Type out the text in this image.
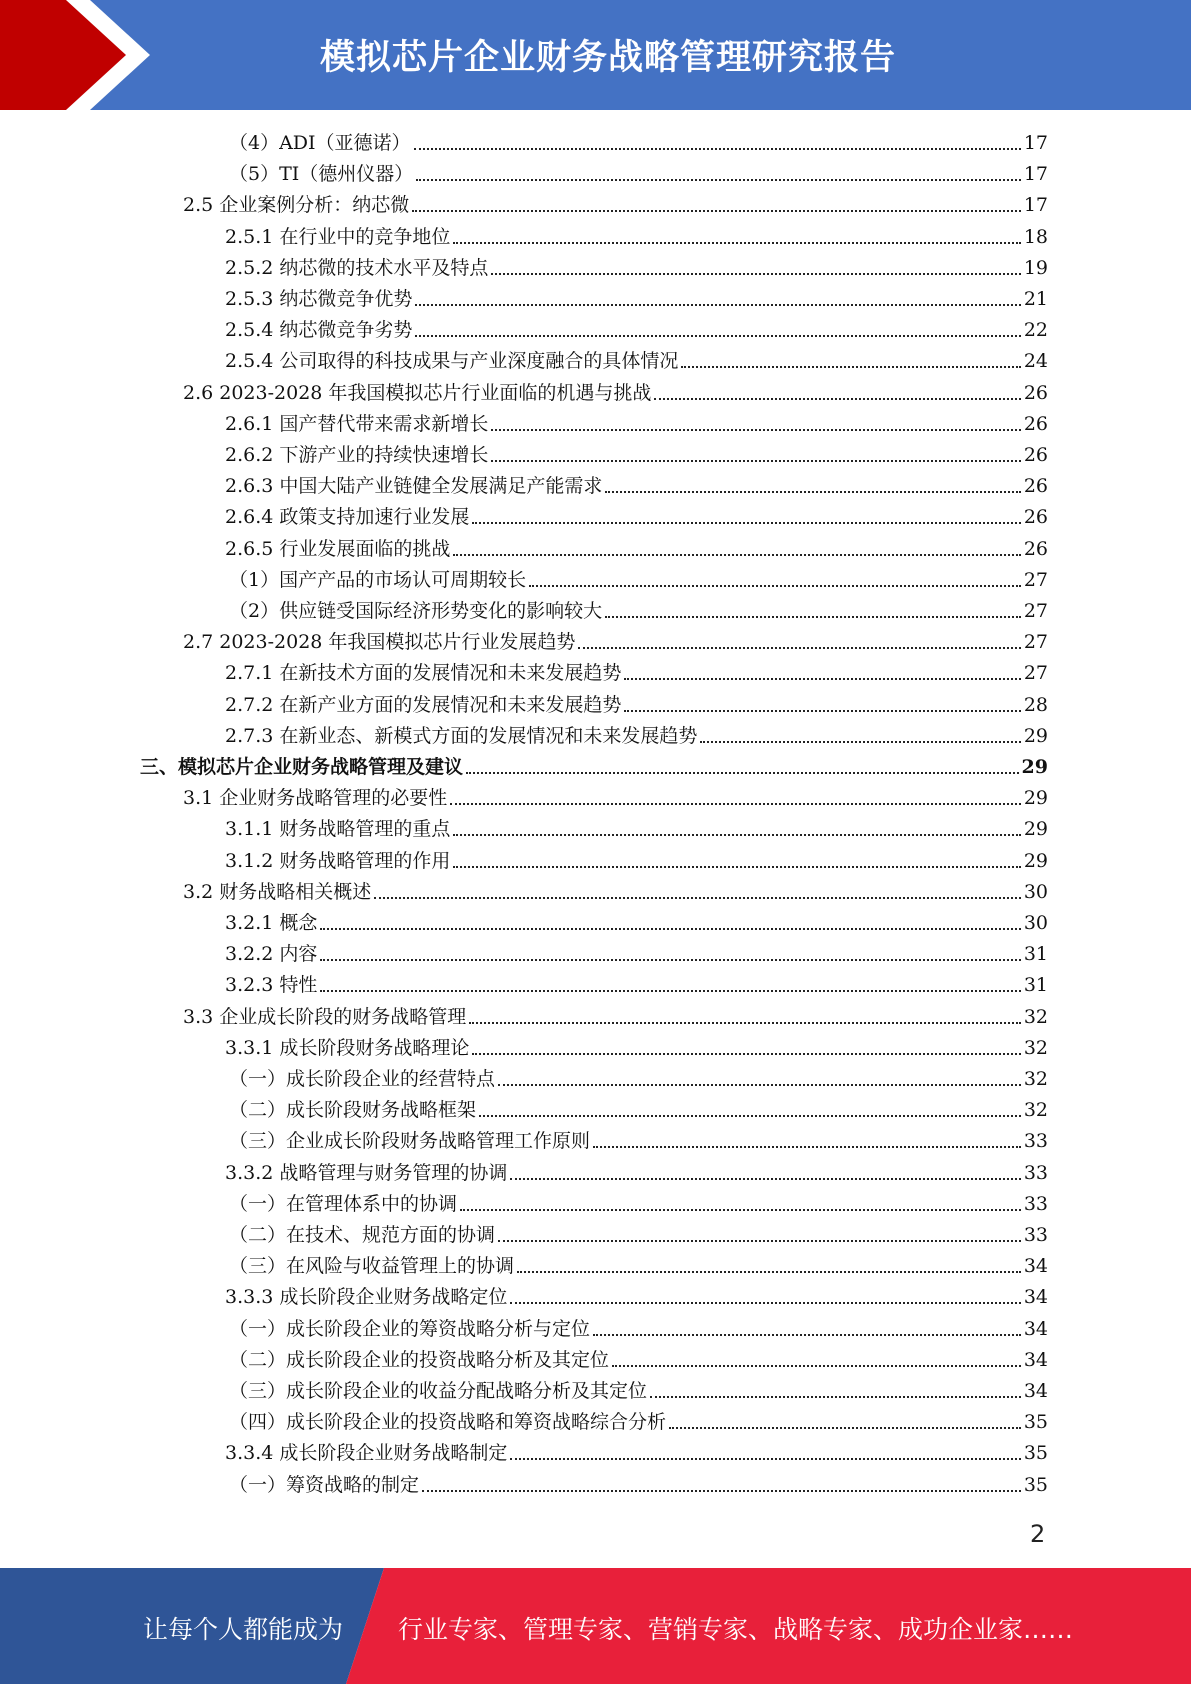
模拟芯片企业财务战略管理研究报告
（4）ADI（亚德诺）	17
（5）TI（德州仪器）	17
2.5 企业案例分析：纳芯微	17
2.5.1 在行业中的竞争地位	18
2.5.2 纳芯微的技术水平及特点	19
2.5.3 纳芯微竞争优势	21
2.5.4 纳芯微竞争劣势	22
2.5.4 公司取得的科技成果与产业深度融合的具体情况	24
2.6 2023-2028 年我国模拟芯片行业面临的机遇与挑战	26
2.6.1 国产替代带来需求新增长	26
2.6.2 下游产业的持续快速增长	26
2.6.3 中国大陆产业链健全发展满足产能需求	26
2.6.4 政策支持加速行业发展	26
2.6.5 行业发展面临的挑战	26
（1）国产产品的市场认可周期较长	27
（2）供应链受国际经济形势变化的影响较大	27
2.7 2023-2028 年我国模拟芯片行业发展趋势	27
2.7.1 在新技术方面的发展情况和未来发展趋势	27
2.7.2 在新产业方面的发展情况和未来发展趋势	28
2.7.3 在新业态、新模式方面的发展情况和未来发展趋势	29
三、模拟芯片企业财务战略管理及建议	29
3.1 企业财务战略管理的必要性	29
3.1.1 财务战略管理的重点	29
3.1.2 财务战略管理的作用	29
3.2 财务战略相关概述	30
3.2.1 概念	30
3.2.2 内容	31
3.2.3 特性	31
3.3 企业成长阶段的财务战略管理	32
3.3.1 成长阶段财务战略理论	32
（一）成长阶段企业的经营特点	32
（二）成长阶段财务战略框架	32
（三）企业成长阶段财务战略管理工作原则	33
3.3.2 战略管理与财务管理的协调	33
（一）在管理体系中的协调	33
（二）在技术、规范方面的协调	33
（三）在风险与收益管理上的协调	34
3.3.3 成长阶段企业财务战略定位	34
（一）成长阶段企业的筹资战略分析与定位	34
（二）成长阶段企业的投资战略分析及其定位	34
（三）成长阶段企业的收益分配战略分析及其定位	34
（四）成长阶段企业的投资战略和筹资战略综合分析	35
3.3.4 成长阶段企业财务战略制定	35
（一）筹资战略的制定	35
2
让每个人都能成为 行业专家、管理专家、营销专家、战略专家、成功企业家……
